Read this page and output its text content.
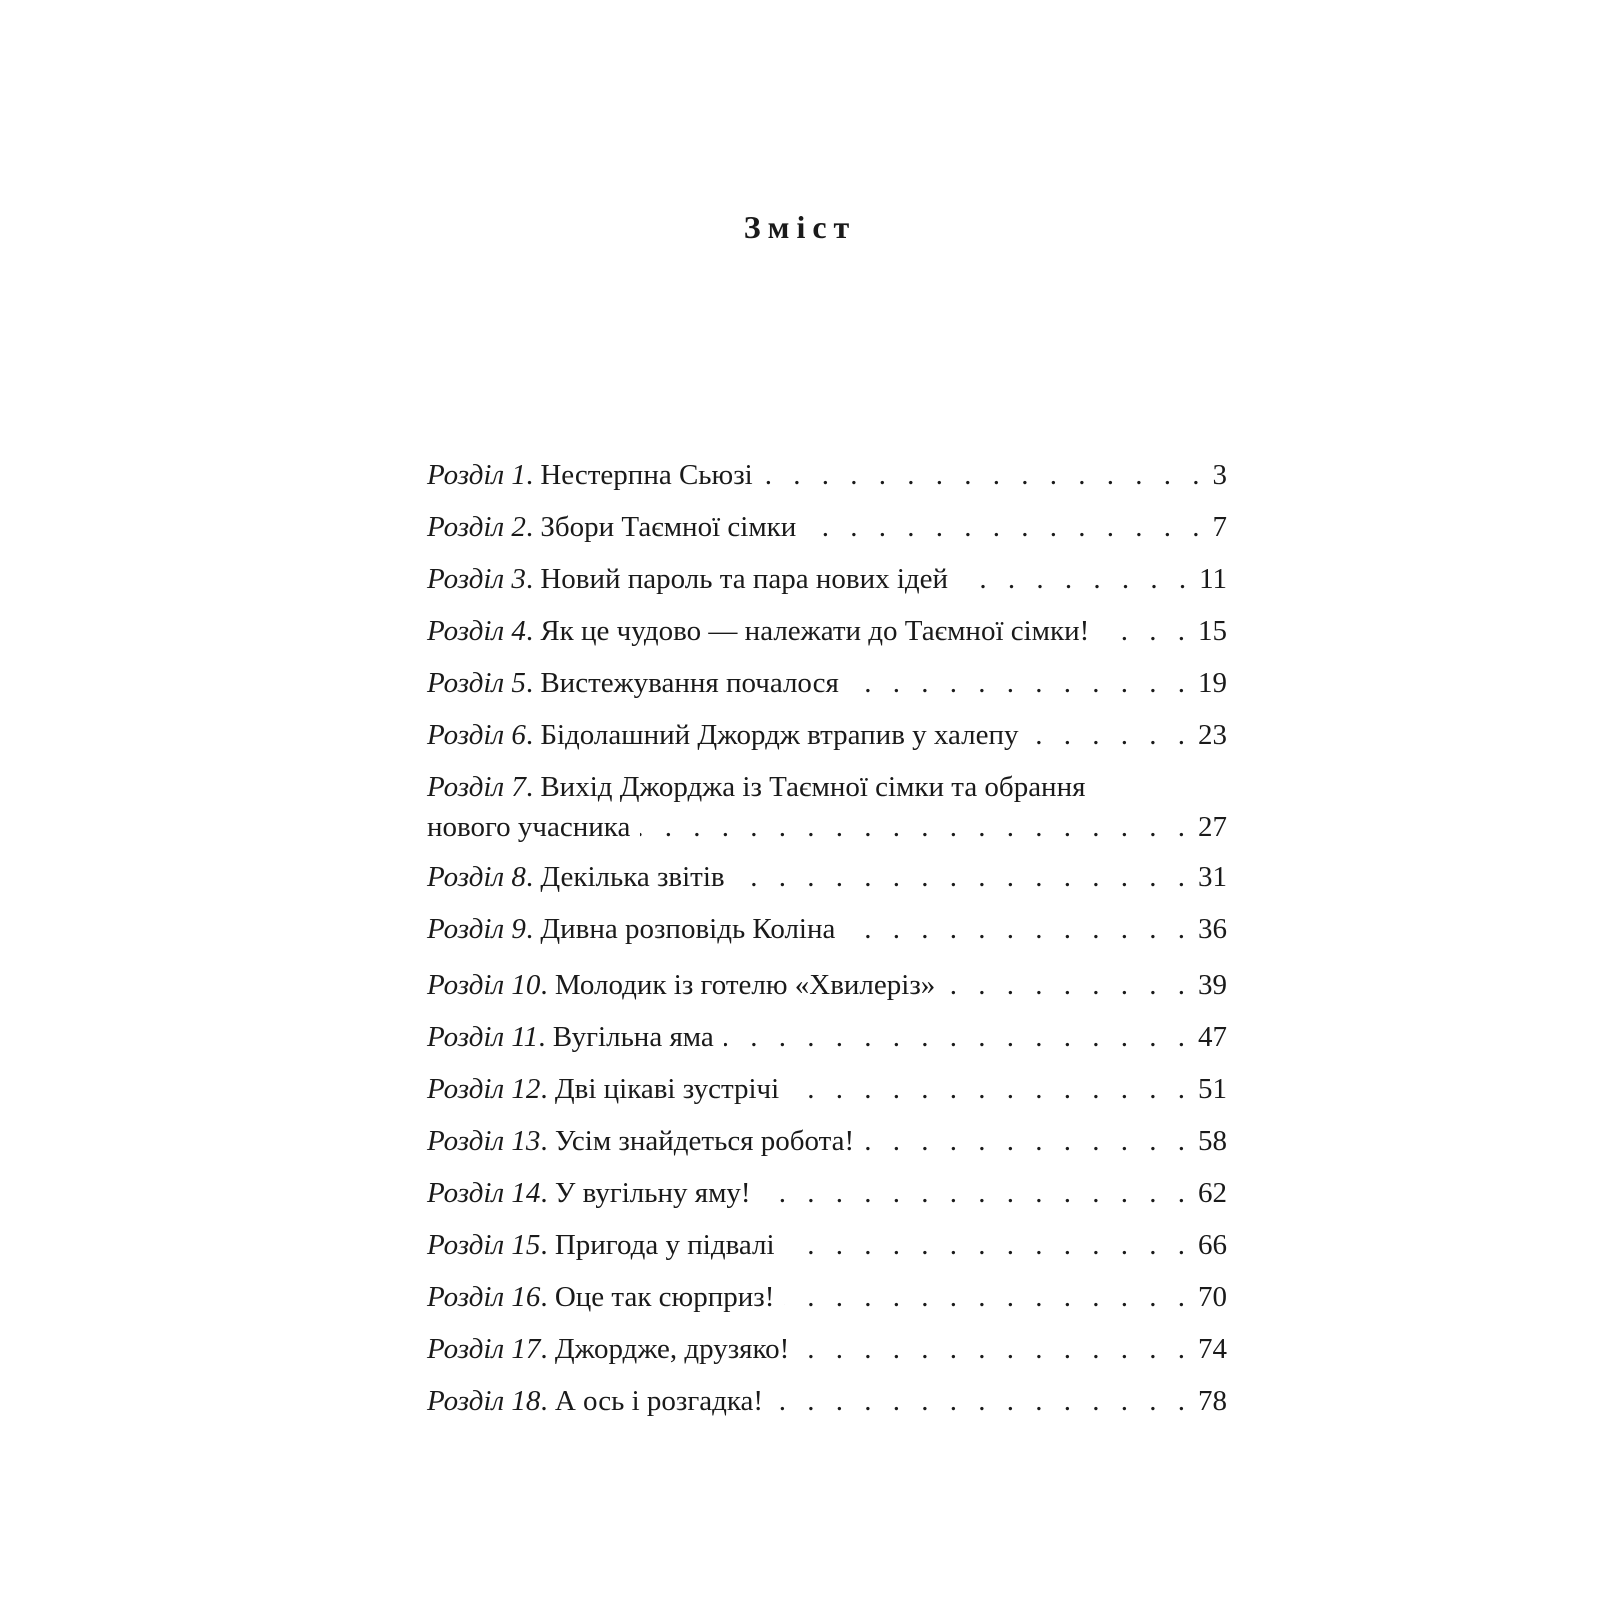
Зміст
Розділ 1 . Нестерпна Сьюзі . . .	3
Розділ 2 . Збори Таємної сімки . . .	7
Розділ 3 . Новий пароль та пара нових ідей . . .	11
Розділ 4 . Як це чудово — належати до Таємної сімки! . . .	15
Розділ 5 . Вистежування почалося . . .	19
Розділ 6 . Бідолашний Джордж втрапив у халепу . . .	23
Розділ 7. Вихід Джорджа із Таємної сімки та обрання
нового учасника . . .	27
Розділ 8 . Декілька звітів . . .	31
Розділ 9 . Дивна розповідь Коліна . . .	36
Розділ 10 . Молодик із готелю «Хвилеріз» . . .	39
Розділ 11 . Вугільна яма . . .	47
Розділ 12 . Дві цікаві зустрічі . . .	51
Розділ 13 . Усім знайдеться робота! . . .	58
Розділ 14 . У вугільну яму! . . .	62
Розділ 15 . Пригода у підвалі . . .	66
Розділ 16 . Оце так сюрприз! . . .	70
Розділ 17 . Джордже, друзяко! . . .	74
Розділ 18 . А ось і розгадка! . . .	78
